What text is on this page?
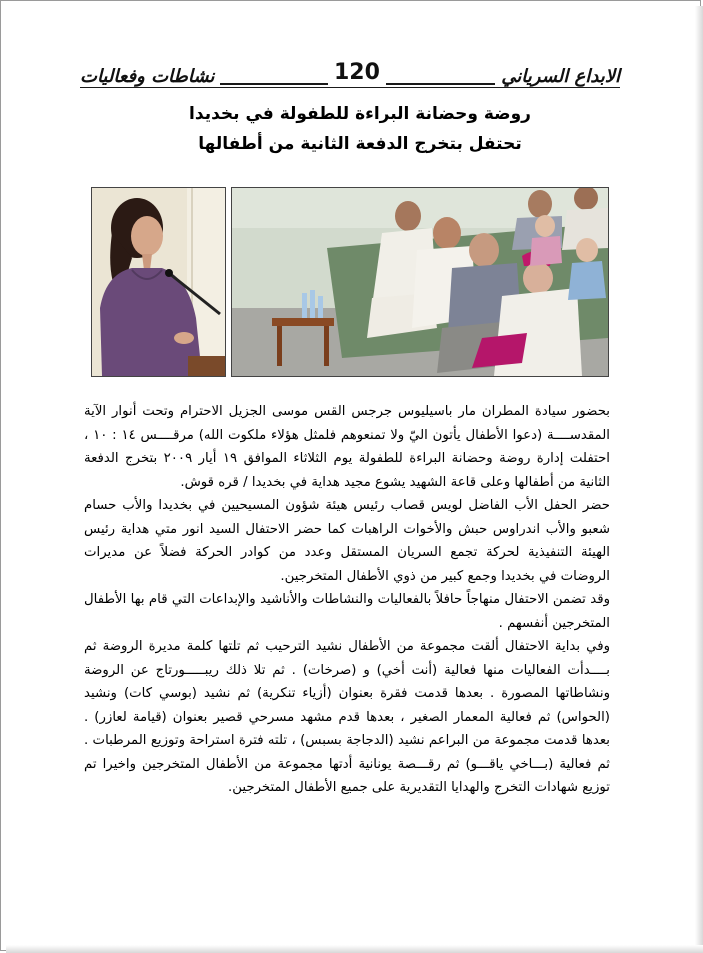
الابداع السرياني
120
نشاطات وفعاليات
روضة وحضانة البراءة للطفولة في بخديدا
تحتفل بتخرج الدفعة الثانية من أطفالها

بحضور سيادة المطران مار باسيليوس جرجس القس موسى الجزيل الاحترام وتحت أنوار الآية المقدســــة (دعوا الأطفال يأتون اليّ ولا تمنعوهم فلمثل هؤلاء ملكوت الله) مرقــــس ١٤ : ١٠ ، احتفلت إدارة روضة وحضانة البراءة للطفولة يوم الثلاثاء الموافق ١٩ أيار ٢٠٠٩ بتخرج الدفعة الثانية من أطفالها وعلى قاعة الشهيد يشوع مجيد هداية في بخديدا / قره قوش.

حضر الحفل الأب الفاضل لويس قصاب رئيس هيئة شؤون المسيحيين في بخديدا والأب حسام شعبو والأب اندراوس حبش والأخوات الراهبات كما حضر الاحتفال السيد انور متي هداية رئيس الهيئة التنفيذية لحركة تجمع السريان المستقل وعدد من كوادر الحركة فضلاً عن مديرات الروضات في بخديدا وجمع كبير من ذوي الأطفال المتخرجين.

وقد تضمن الاحتفال منهاجاً حافلاً بالفعاليات والنشاطات والأناشيد والإبداعات التي قام بها الأطفال المتخرجين أنفسهم .

وفي بداية الاحتفال ألقت مجموعة من الأطفال نشيد الترحيب ثم تلتها كلمة مديرة الروضة ثم بــــدأت الفعاليات منها فعالية (أنت أخي) و (صرخات) . ثم تلا ذلك ريبـــــورتاج عن الروضة ونشاطاتها المصورة . بعدها قدمت فقرة بعنوان (أزياء تنكرية) ثم نشيد (بوسي كات) ونشيد (الحواس) ثم فعالية المعمار الصغير ، بعدها قدم مشهد مسرحي قصير بعنوان (قيامة لعازر) . بعدها قدمت مجموعة من البراعم نشيد (الدجاجة بسبس) ، تلته فترة استراحة وتوزيع المرطبات . ثم فعالية (بـــاخي ياقـــو) ثم رقـــصة يونانية أدتها مجموعة من الأطفال المتخرجين واخيرا تم توزيع شهادات التخرج والهدايا التقديرية على جميع الأطفال المتخرجين.
